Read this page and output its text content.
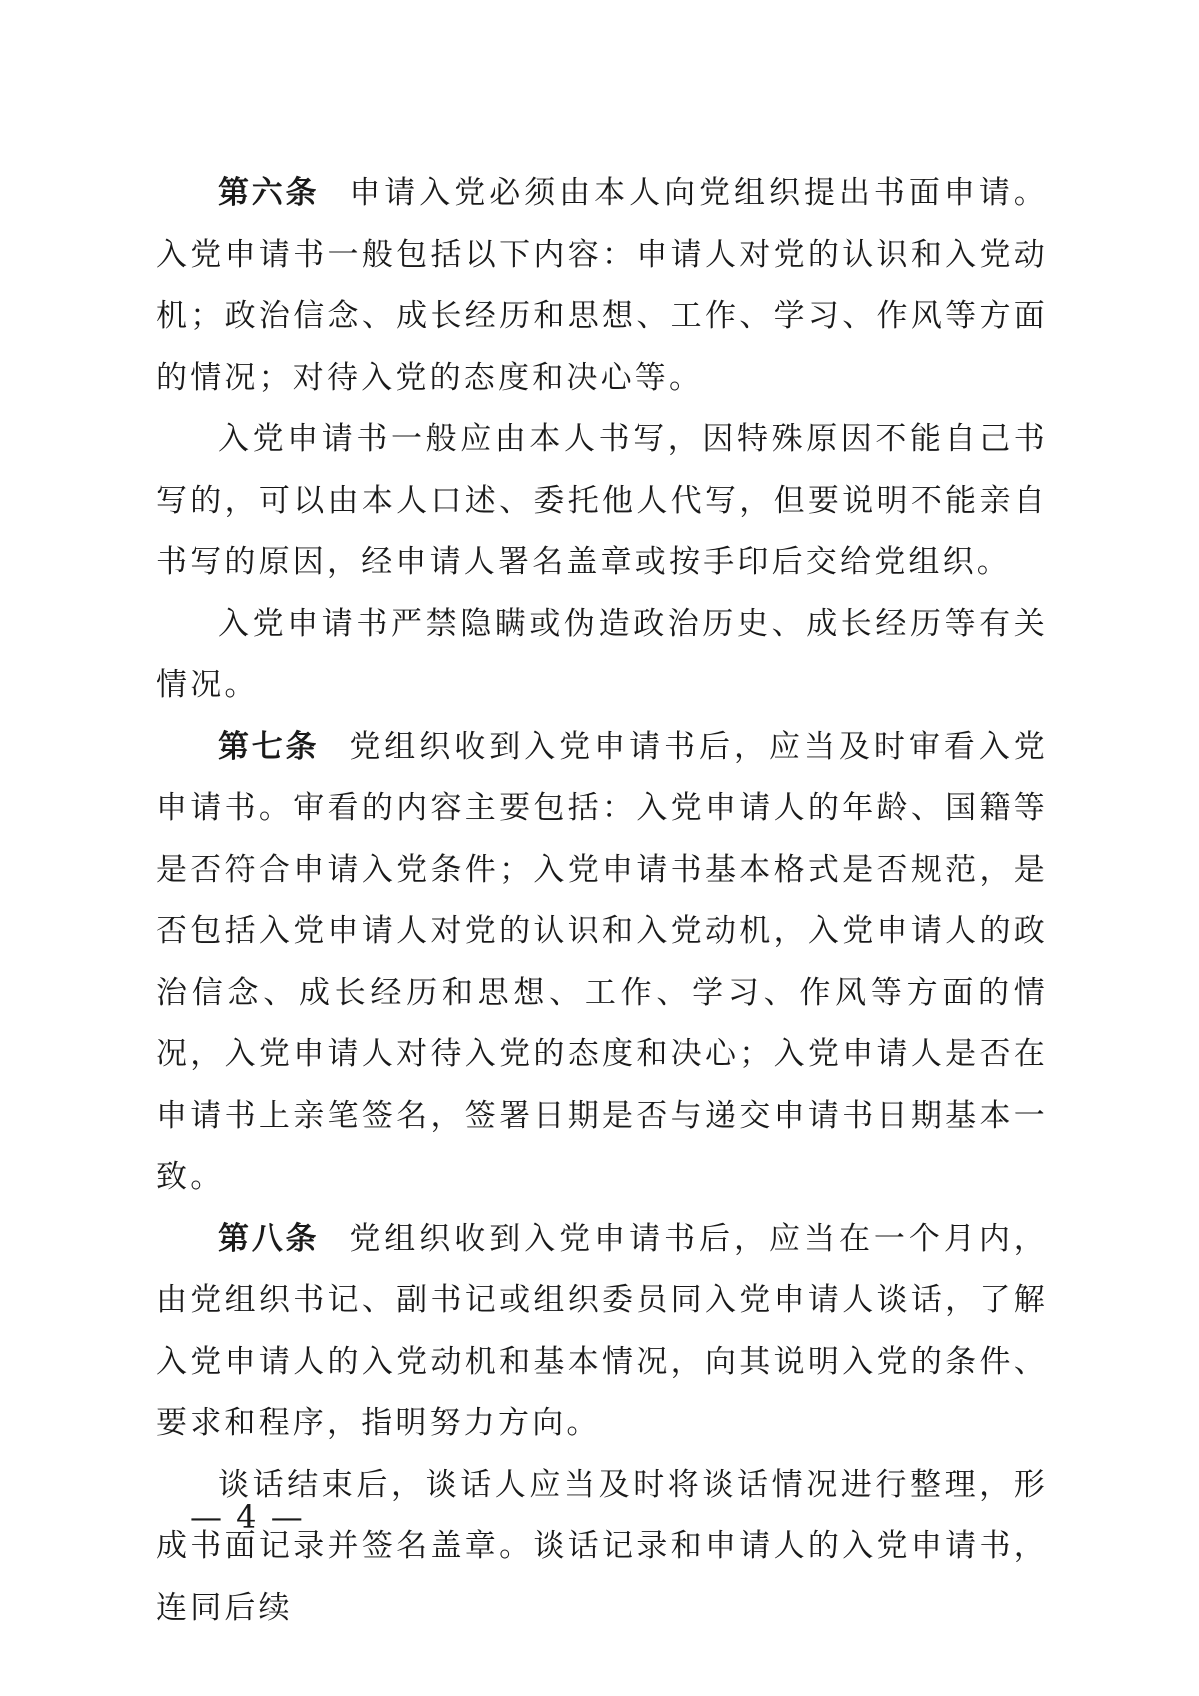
第六条 申请入党必须由本人向党组织提出书面申请。入党申请书一般包括以下内容：申请人对党的认识和入党动机；政治信念、成长经历和思想、工作、学习、作风等方面的情况；对待入党的态度和决心等。

入党申请书一般应由本人书写，因特殊原因不能自己书写的，可以由本人口述、委托他人代写，但要说明不能亲自书写的原因，经申请人署名盖章或按手印后交给党组织。

入党申请书严禁隐瞒或伪造政治历史、成长经历等有关情况。

第七条 党组织收到入党申请书后，应当及时审看入党申请书。审看的内容主要包括：入党申请人的年龄、国籍等是否符合申请入党条件；入党申请书基本格式是否规范，是否包括入党申请人对党的认识和入党动机，入党申请人的政治信念、成长经历和思想、工作、学习、作风等方面的情况，入党申请人对待入党的态度和决心；入党申请人是否在申请书上亲笔签名，签署日期是否与递交申请书日期基本一致。

第八条 党组织收到入党申请书后，应当在一个月内，由党组织书记、副书记或组织委员同入党申请人谈话，了解入党申请人的入党动机和基本情况，向其说明入党的条件、要求和程序，指明努力方向。

谈话结束后，谈话人应当及时将谈话情况进行整理，形成书面记录并签名盖章。谈话记录和申请人的入党申请书，连同后续

— 4 —
